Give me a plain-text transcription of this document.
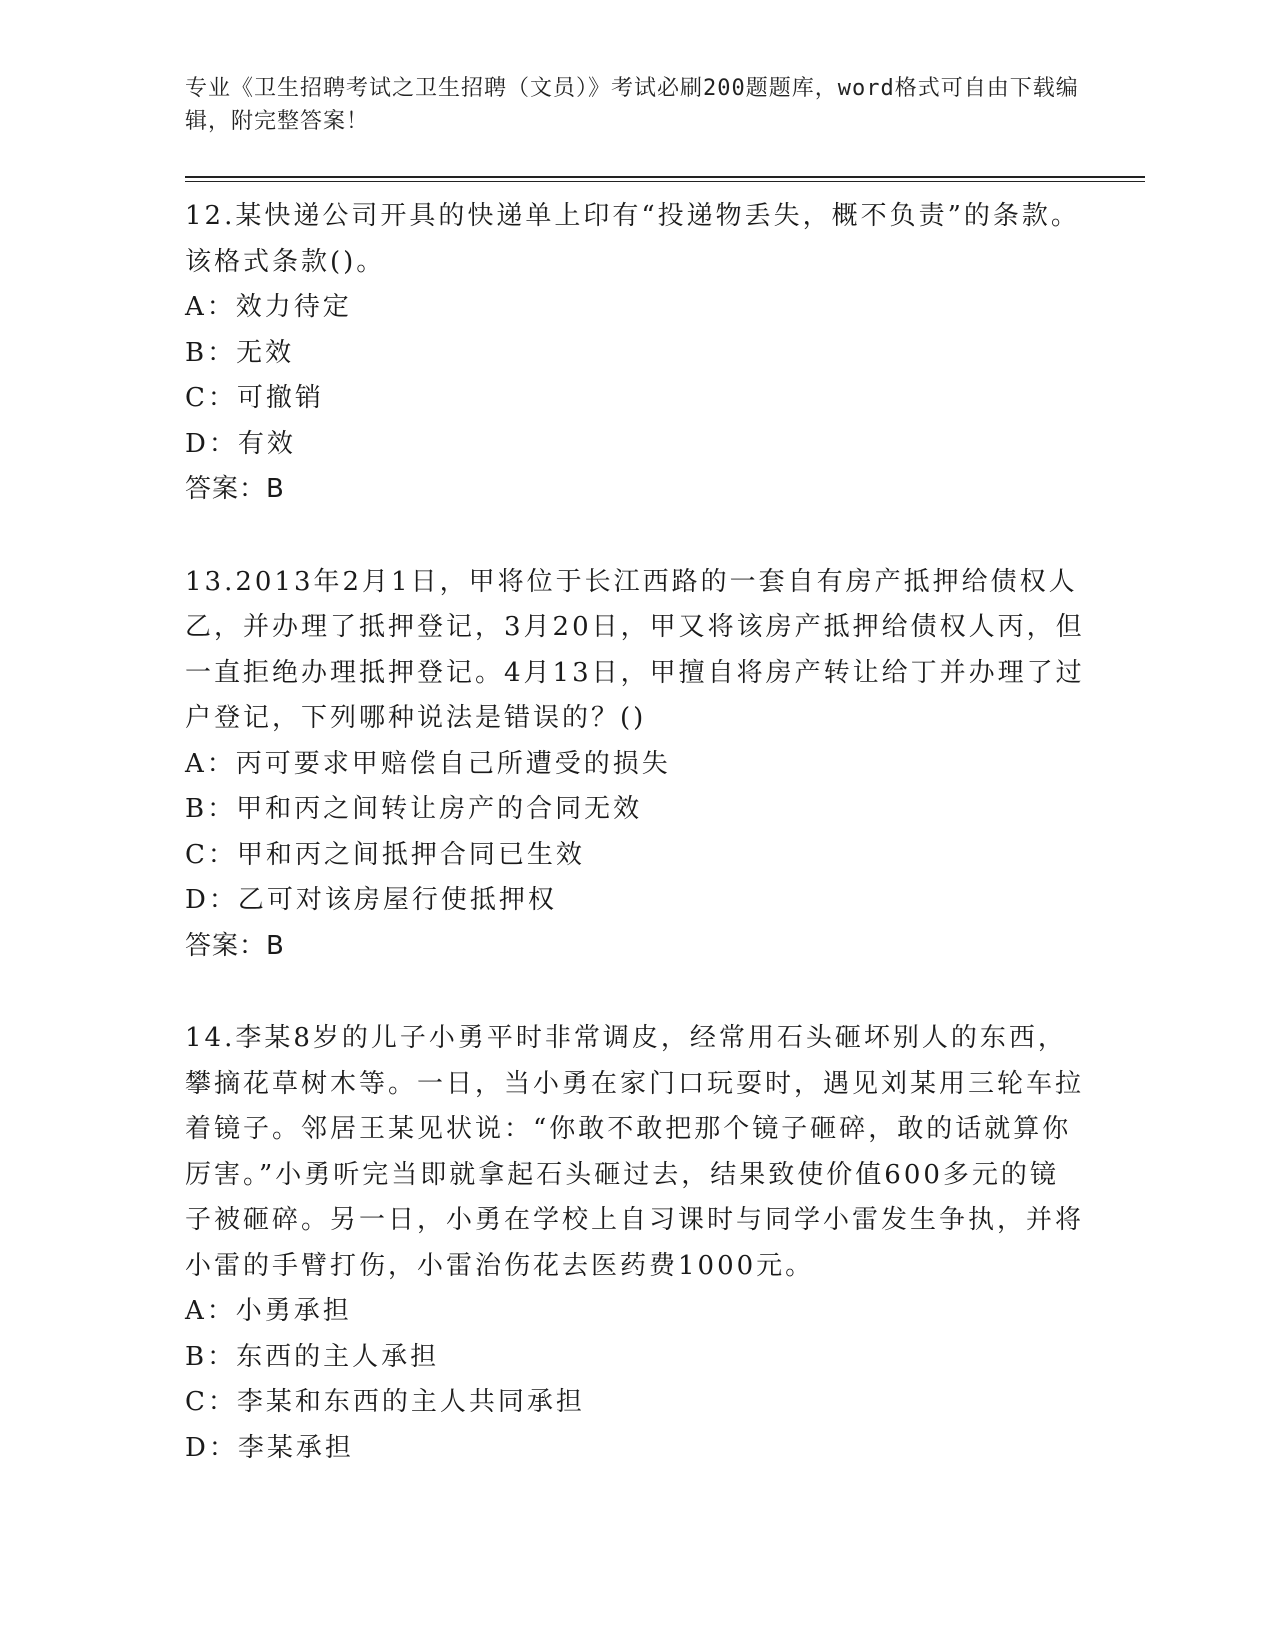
专业《卫生招聘考试之卫生招聘（文员）》考试必刷200题题库，word格式可自由下载编辑，附完整答案！

12.某快递公司开具的快递单上印有“投递物丢失，概不负责”的条款。该格式条款()。

A：效力待定

B：无效

C：可撤销

D：有效

答案：B

13.2013年2月1日，甲将位于长江西路的一套自有房产抵押给债权人乙，并办理了抵押登记，3月20日，甲又将该房产抵押给债权人丙，但一直拒绝办理抵押登记。4月13日，甲擅自将房产转让给丁并办理了过户登记，下列哪种说法是错误的？()

A：丙可要求甲赔偿自己所遭受的损失

B：甲和丙之间转让房产的合同无效

C：甲和丙之间抵押合同已生效

D：乙可对该房屋行使抵押权

答案：B

14.李某8岁的儿子小勇平时非常调皮，经常用石头砸坏别人的东西，攀摘花草树木等。一日，当小勇在家门口玩耍时，遇见刘某用三轮车拉着镜子。邻居王某见状说：“你敢不敢把那个镜子砸碎，敢的话就算你厉害。”小勇听完当即就拿起石头砸过去，结果致使价值600多元的镜子被砸碎。另一日，小勇在学校上自习课时与同学小雷发生争执，并将小雷的手臂打伤，小雷治伤花去医药费1000元。

A：小勇承担

B：东西的主人承担

C：李某和东西的主人共同承担

D：李某承担
